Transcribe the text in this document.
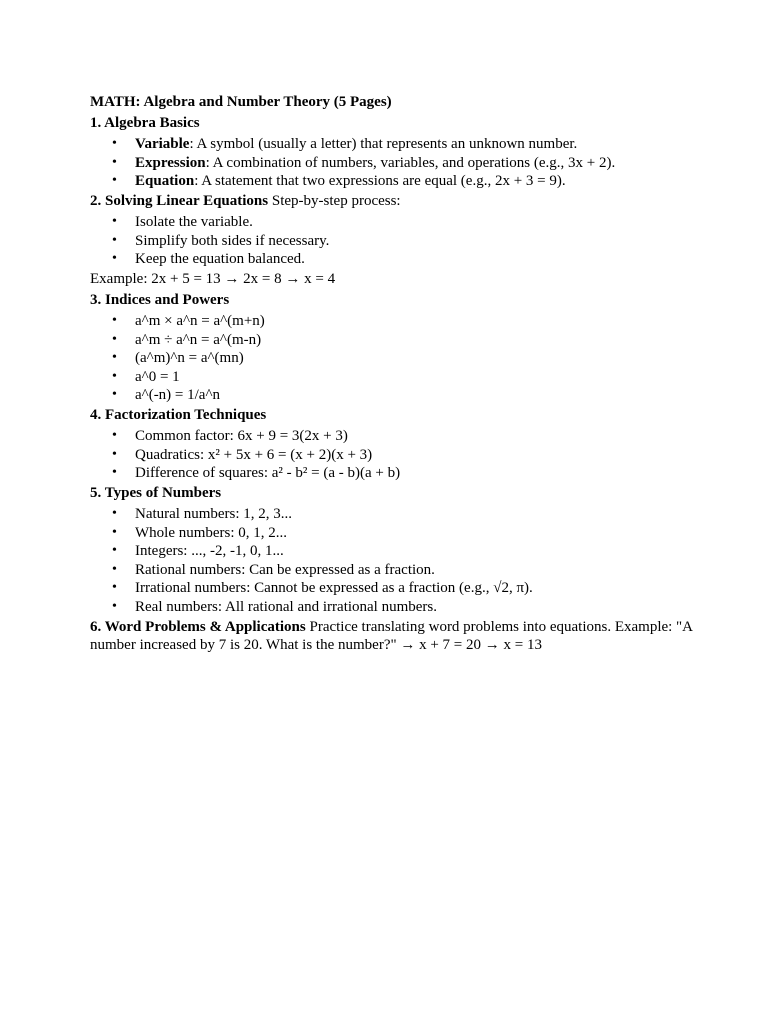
MATH: Algebra and Number Theory (5 Pages)
1. Algebra Basics
• Variable: A symbol (usually a letter) that represents an unknown number.
• Expression: A combination of numbers, variables, and operations (e.g., 3x + 2).
• Equation: A statement that two expressions are equal (e.g., 2x + 3 = 9).
2. Solving Linear Equations Step-by-step process:
• Isolate the variable.
• Simplify both sides if necessary.
• Keep the equation balanced.
Example: 2x + 5 = 13 → 2x = 8 → x = 4
3. Indices and Powers
• a^m × a^n = a^(m+n)
• a^m ÷ a^n = a^(m-n)
• (a^m)^n = a^(mn)
• a^0 = 1
• a^(-n) = 1/a^n
4. Factorization Techniques
• Common factor: 6x + 9 = 3(2x + 3)
• Quadratics: x² + 5x + 6 = (x + 2)(x + 3)
• Difference of squares: a² - b² = (a - b)(a + b)
5. Types of Numbers
• Natural numbers: 1, 2, 3...
• Whole numbers: 0, 1, 2...
• Integers: ..., -2, -1, 0, 1...
• Rational numbers: Can be expressed as a fraction.
• Irrational numbers: Cannot be expressed as a fraction (e.g., √2, π).
• Real numbers: All rational and irrational numbers.
6. Word Problems & Applications Practice translating word problems into equations. Example: "A number increased by 7 is 20. What is the number?" → x + 7 = 20 → x = 13
